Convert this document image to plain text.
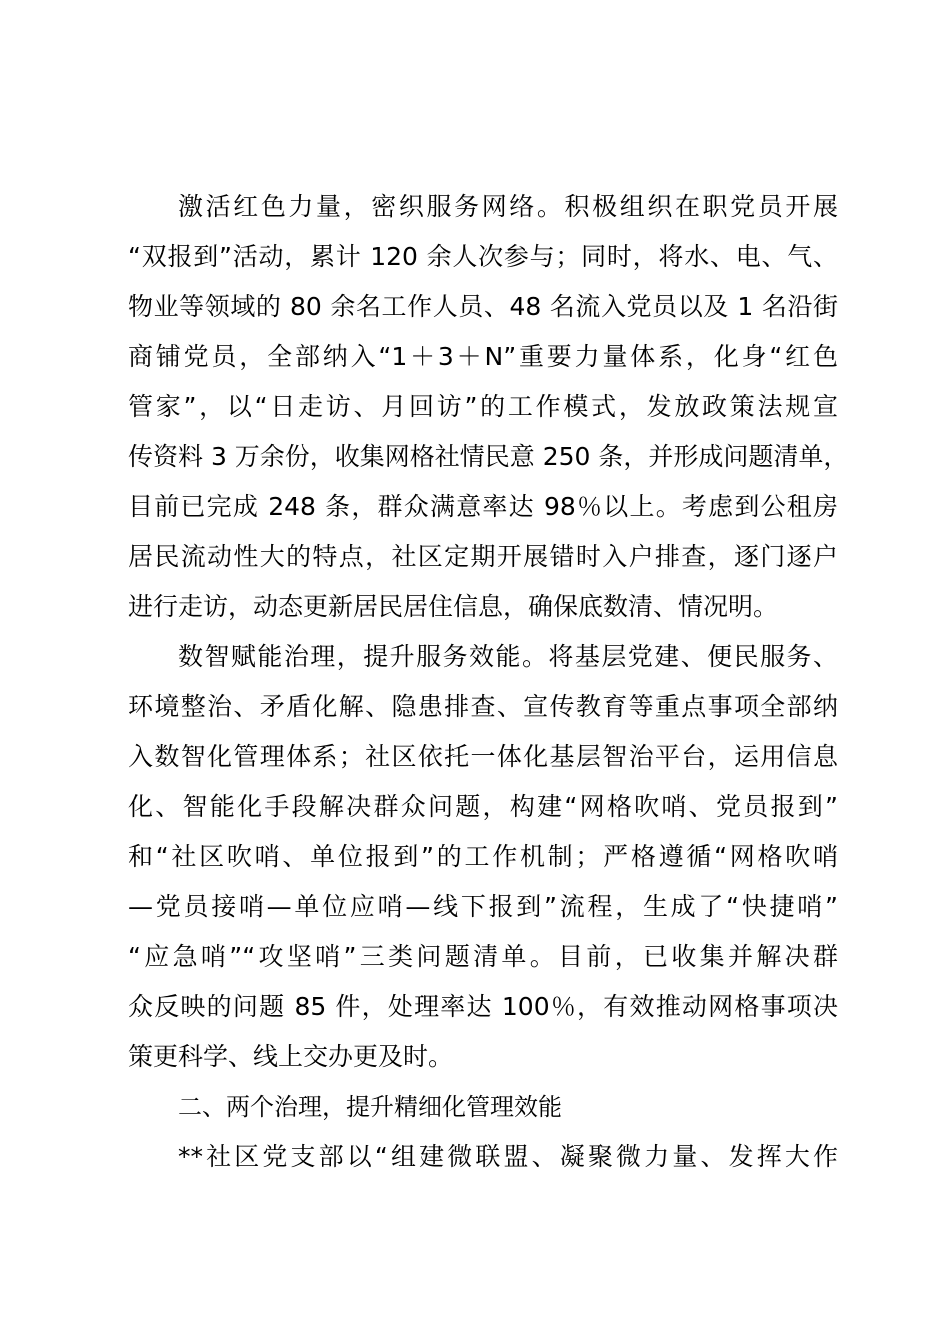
激活红色力量，密织服务网络。积极组织在职党员开展
“双报到”活动，累计 120 余人次参与；同时，将水、电、气、
物业等领域的 80 余名工作人员、48 名流入党员以及 1 名沿街
商铺党员，全部纳入“1＋3＋N”重要力量体系，化身“红色
管家”，以“日走访、月回访”的工作模式，发放政策法规宣
传资料 3 万余份，收集网格社情民意 250 条，并形成问题清单，
目前已完成 248 条，群众满意率达 98％以上。考虑到公租房
居民流动性大的特点，社区定期开展错时入户排查，逐门逐户
进行走访，动态更新居民居住信息，确保底数清、情况明。
数智赋能治理，提升服务效能。将基层党建、便民服务、
环境整治、矛盾化解、隐患排查、宣传教育等重点事项全部纳
入数智化管理体系；社区依托一体化基层智治平台，运用信息
化、智能化手段解决群众问题，构建“网格吹哨、党员报到”
和“社区吹哨、单位报到”的工作机制；严格遵循“网格吹哨
—党员接哨—单位应哨—线下报到”流程，生成了“快捷哨”
“应急哨”“攻坚哨”三类问题清单。目前，已收集并解决群
众反映的问题 85 件，处理率达 100％，有效推动网格事项决
策更科学、线上交办更及时。
二、两个治理，提升精细化管理效能
**社区党支部以“组建微联盟、凝聚微力量、发挥大作
